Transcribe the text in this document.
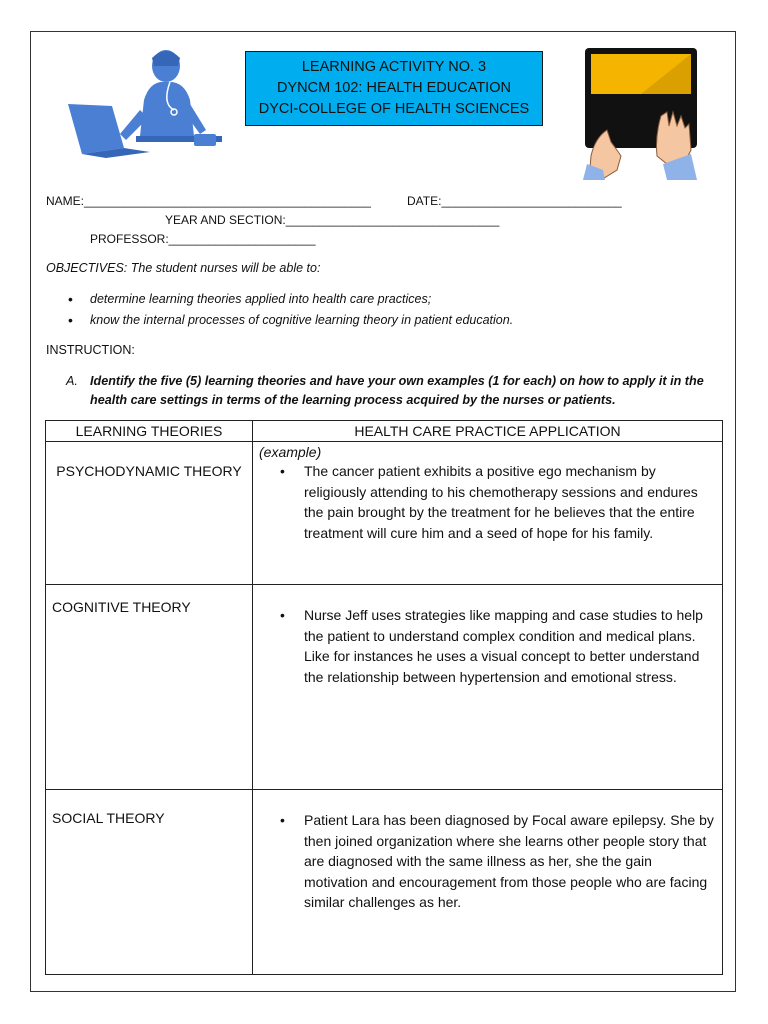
LEARNING ACTIVITY NO. 3
DYNCM 102: HEALTH EDUCATION
DYCI-COLLEGE OF HEALTH SCIENCES
NAME:___________________________________________	DATE:___________________________
YEAR AND SECTION:________________________________
PROFESSOR:______________________
OBJECTIVES: The student nurses will be able to:
• determine learning theories applied into health care practices;
• know the internal processes of cognitive learning theory in patient education.
INSTRUCTION:
A. Identify the five (5) learning theories and have your own examples (1 for each) on how to apply it in the health care settings in terms of the learning process acquired by the nurses or patients.
LEARNING THEORIES	HEALTH CARE PRACTICE APPLICATION
PSYCHODYNAMIC THEORY	(example)
• The cancer patient exhibits a positive ego mechanism by religiously attending to his chemotherapy sessions and endures the pain brought by the treatment for he believes that the entire treatment will cure him and a seed of hope for his family.

COGNITIVE THEORY	• Nurse Jeff uses strategies like mapping and case studies to help the patient to understand complex condition and medical plans. Like for instances he uses a visual concept to better understand the relationship between hypertension and emotional stress.

SOCIAL THEORY	• Patient Lara has been diagnosed by Focal aware epilepsy. She by then joined organization where she learns other people story that are diagnosed with the same illness as her, she the gain motivation and encouragement from those people who are facing similar challenges as her.
